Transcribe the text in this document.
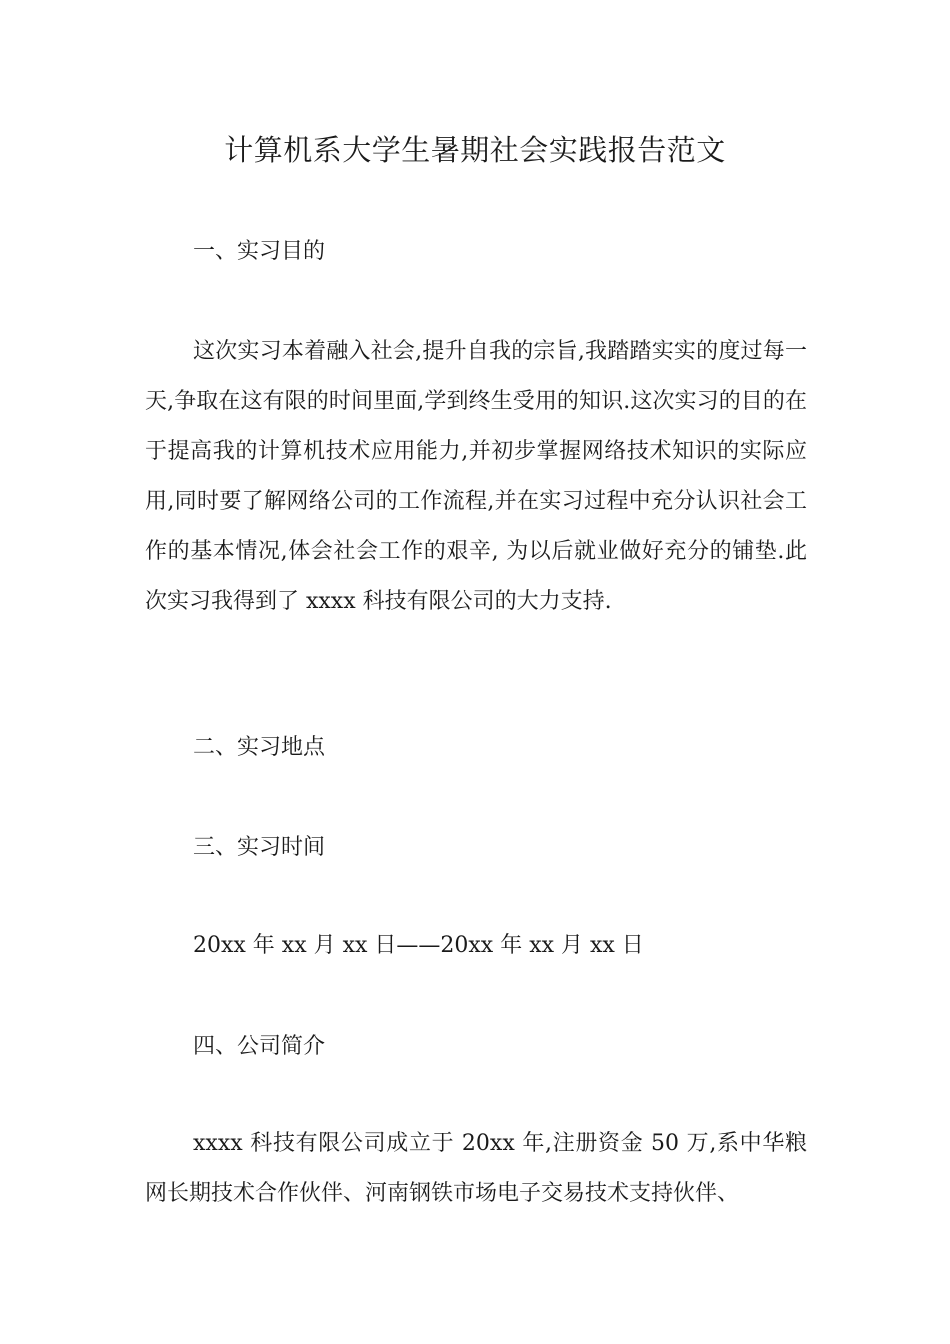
计算机系大学生暑期社会实践报告范文

一、实习目的

这次实习本着融入社会,提升自我的宗旨,我踏踏实实的度过每一天,争取在这有限的时间里面,学到终生受用的知识.这次实习的目的在于提高我的计算机技术应用能力,并初步掌握网络技术知识的实际应用,同时要了解网络公司的工作流程,并在实习过程中充分认识社会工作的基本情况,体会社会工作的艰辛, 为以后就业做好充分的铺垫.此次实习我得到了 xxxx 科技有限公司的大力支持.

二、实习地点

三、实习时间

20xx 年 xx 月 xx 日——20xx 年 xx 月 xx 日

四、公司简介

xxxx 科技有限公司成立于 20xx 年,注册资金 50 万,系中华粮网长期技术合作伙伴、河南钢铁市场电子交易技术支持伙伴、
